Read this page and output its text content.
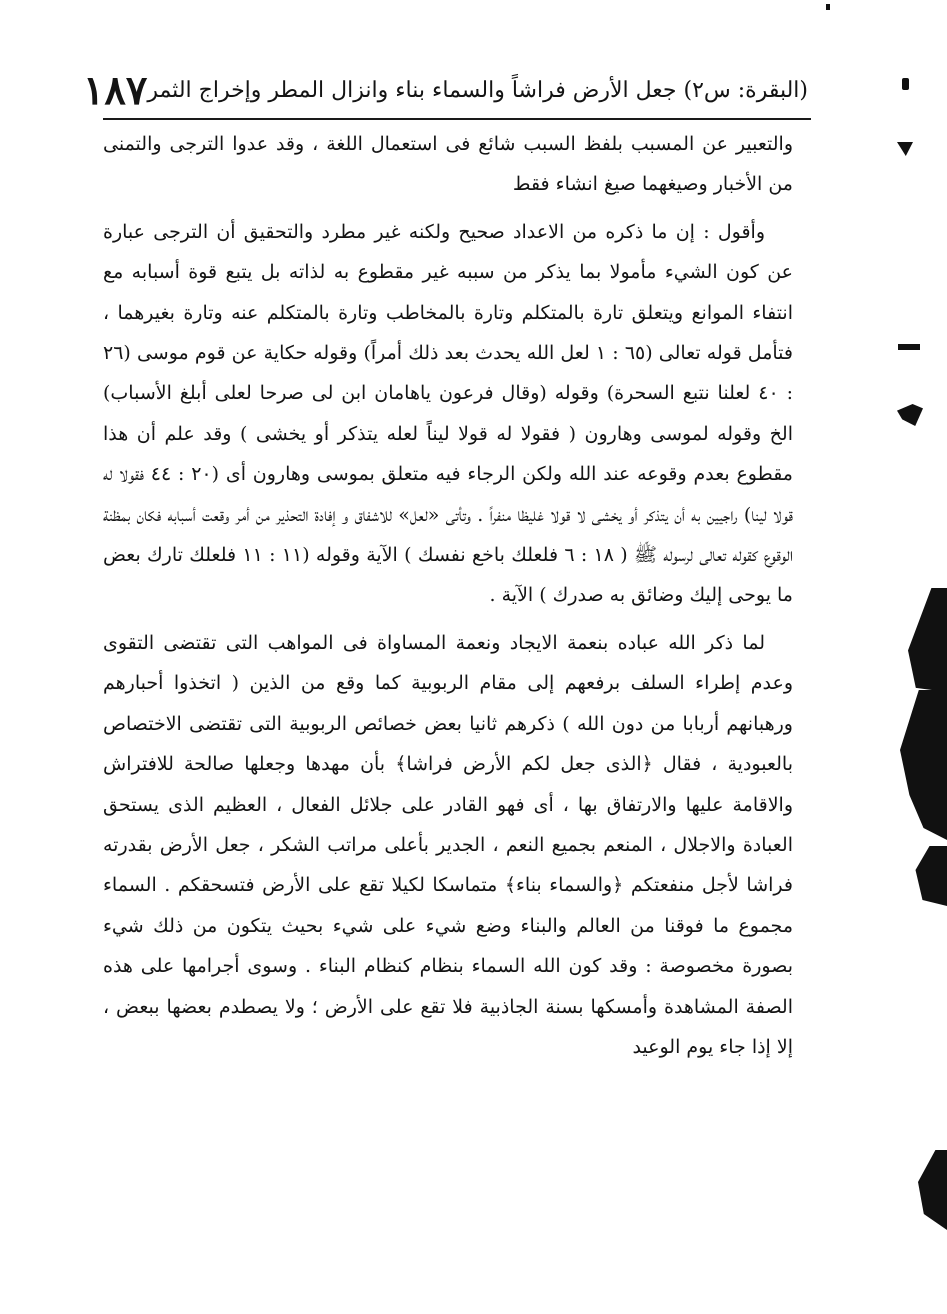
(البقرة: س٢) جعل الأرض فراشاً والسماء بناء وانزال المطر وإخراج الثمر
١٨٧

والتعبير عن المسبب بلفظ السبب شائع فى استعمال اللغة ، وقد عدوا الترجى والتمنى من الأخبار وصيغهما صيغ انشاء فقط

وأقول : إن ما ذكره من الاعداد صحيح ولكنه غير مطرد والتحقيق أن الترجى عبارة عن كون الشيء مأمولا بما يذكر من سببه غير مقطوع به لذاته بل يتبع قوة أسبابه مع انتفاء الموانع ويتعلق تارة بالمتكلم وتارة بالمخاطب وتارة بالمتكلم عنه وتارة بغيرهما ، فتأمل قوله تعالى (٦٥ : ١ لعل الله يحدث بعد ذلك أمراً) وقوله حكاية عن قوم موسى (٢٦ : ٤٠ لعلنا نتبع السحرة) وقوله (وقال فرعون ياهامان ابن لى صرحا لعلى أبلغ الأسباب) الخ وقوله لموسى وهارون ( فقولا له قولا ليناً لعله يتذكر أو يخشى ) وقد علم أن هذا مقطوع بعدم وقوعه عند الله ولكن الرجاء فيه متعلق بموسى وهارون أى (٢٠ : ٤٤ فقولا له قولا لينا) راجيين به أن يتذكر أو يخشى لا قولا غليظا منفراً . وتأتى «لعل» للاشفاق و إفادة التحذير من أمر وقعت أسبابه فكان بمظنة الوقوع كقوله تعالى لرسوله ﷺ ( ١٨ : ٦ فلعلك باخع نفسك ) الآية وقوله (١١ : ١١ فلعلك تارك بعض ما يوحى إليك وضائق به صدرك ) الآية .

لما ذكر الله عباده بنعمة الايجاد ونعمة المساواة فى المواهب التى تقتضى التقوى وعدم إطراء السلف برفعهم إلى مقام الربوبية كما وقع من الذين ( اتخذوا أحبارهم ورهبانهم أربابا من دون الله ) ذكرهم ثانيا بعض خصائص الربوبية التى تقتضى الاختصاص بالعبودية ، فقال ﴿الذى جعل لكم الأرض فراشا﴾ بأن مهدها وجعلها صالحة للافتراش والاقامة عليها والارتفاق بها ، أى فهو القادر على جلائل الفعال ، العظيم الذى يستحق العبادة والاجلال ، المنعم بجميع النعم ، الجدير بأعلى مراتب الشكر ، جعل الأرض بقدرته فراشا لأجل منفعتكم ﴿والسماء بناء﴾ متماسكا لكيلا تقع على الأرض فتسحقكم . السماء مجموع ما فوقنا من العالم والبناء وضع شيء على شيء بحيث يتكون من ذلك شيء بصورة مخصوصة : وقد كون الله السماء بنظام كنظام البناء . وسوى أجرامها على هذه الصفة المشاهدة وأمسكها بسنة الجاذبية فلا تقع على الأرض ؛ ولا يصطدم بعضها ببعض ، إلا إذا جاء يوم الوعيد
